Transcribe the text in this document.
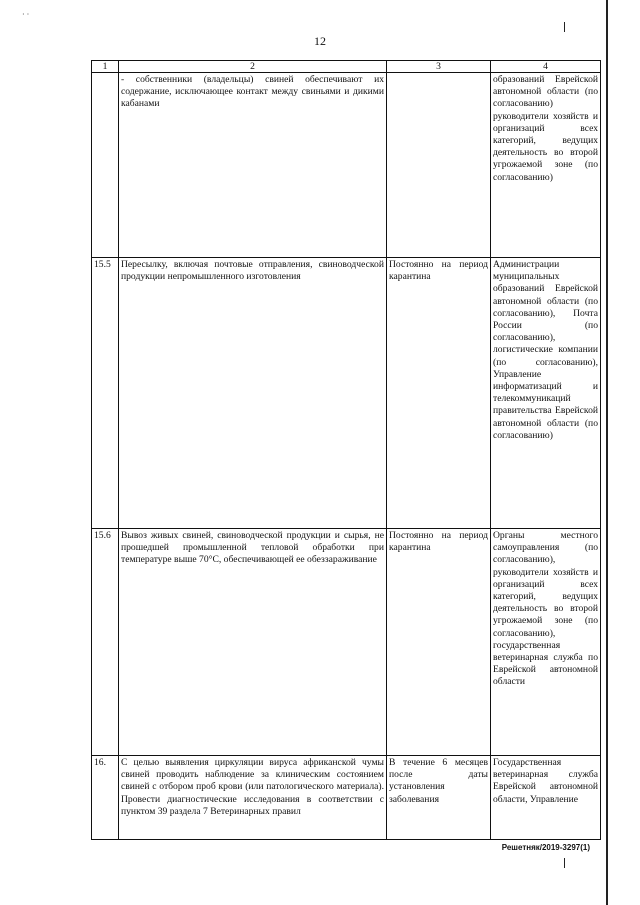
12
· ·
1	2	3	4
	- собственники (владельцы) свиней обеспечивают их содержание, исключающее контакт между свиньями и дикими кабанами		образований Еврейской автономной области (по согласованию) руководители хозяйств и организаций всех категорий, ведущих деятельность во второй угрожаемой зоне (по согласованию)
15.5	Пересылку, включая почтовые отправления, свиноводческой продукции непромышленного изготовления	Постоянно на период карантина	Администрации муниципальных образований Еврейской автономной области (по согласованию), Почта России (по согласованию), логистические компании (по согласованию), Управление информатизаций и телекоммуникаций правительства Еврейской автономной области (по согласованию)
15.6	Вывоз живых свиней, свиноводческой продукции и сырья, не прошедшей промышленной тепловой обработки при температуре выше 70°С, обеспечивающей ее обеззараживание	Постоянно на период карантина	Органы местного самоуправления (по согласованию), руководители хозяйств и организаций всех категорий, ведущих деятельность во второй угрожаемой зоне (по согласованию), государственная ветеринарная служба по Еврейской автономной области
16.	С целью выявления циркуляции вируса африканской чумы свиней проводить наблюдение за клиническим состоянием свиней с отбором проб крови (или патологического материала). Провести диагностические исследования в соответствии с пунктом 39 раздела 7 Ветеринарных правил	В течение 6 месяцев после даты установления заболевания	Государственная ветеринарная служба Еврейской автономной области, Управление
Решетняк/2019-3297(1)
